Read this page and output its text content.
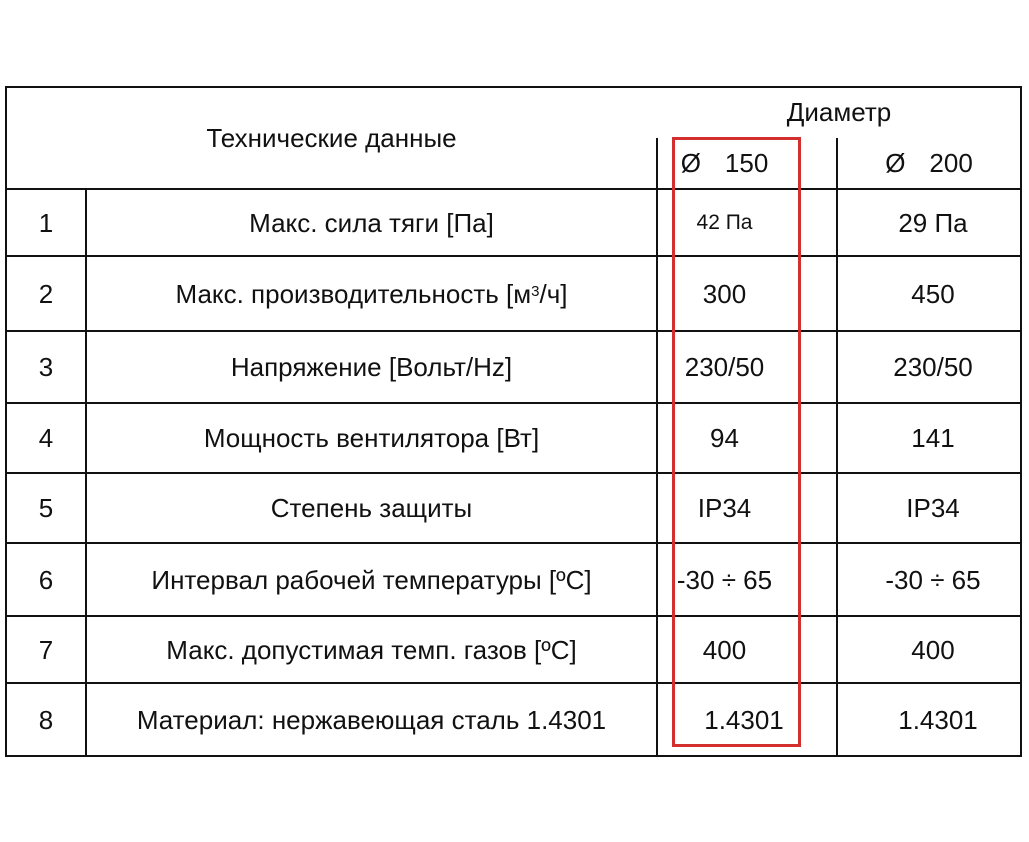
Технические данные
Диаметр
Ø 150	Ø 200
1	Макс. сила тяги [Па]	42 Па	29 Па
2	Макс. производительность [$м^3$ /ч]	300	450
3	Напряжение [Вольт/Hz]	230/50	230/50
4	Мощность вентилятора [Вт]	94	141
5	Степень защиты	IP34	IP34
6	Интервал рабочей температуры [ºC]	-30 ÷ 65	-30 ÷ 65
7	Макс. допустимая темп. газов [ºC]	400	400
8	Материал: нержавеющая сталь 1.4301	1.4301	1.4301
